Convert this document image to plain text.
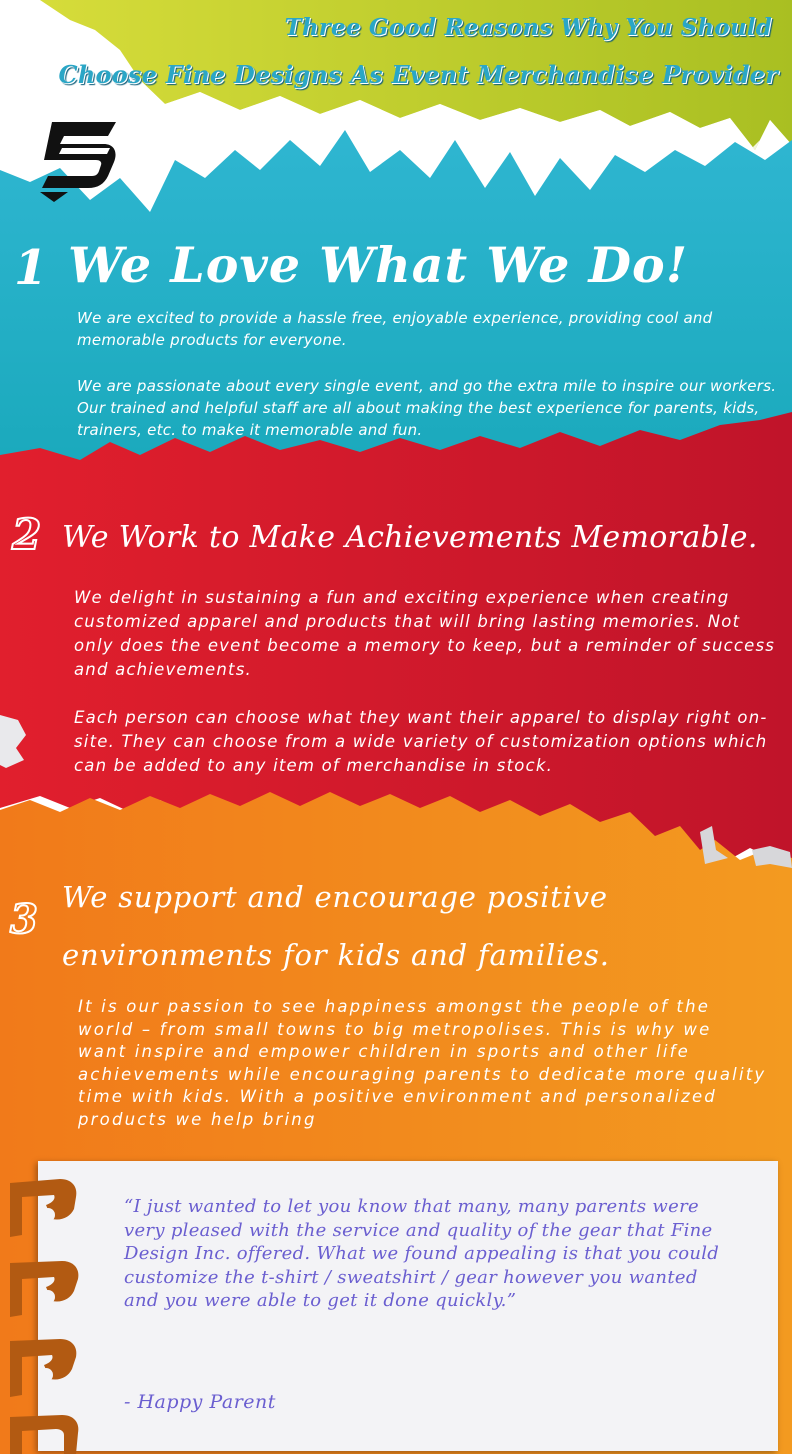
Three Good Reasons Why You Should
Choose Fine Designs As Event Merchandise Provider
1 We Love What We Do!

We are excited to provide a hassle free, enjoyable experience, providing cool and memorable products for everyone.

We are passionate about every single event, and go the extra mile to inspire our workers. Our trained and helpful staff are all about making the best experience for parents, kids, trainers, etc. to make it memorable and fun.

2 We Work to Make Achievements Memorable.

We delight in sustaining a fun and exciting experience when creating customized apparel and products that will bring lasting memories. Not only does the event become a memory to keep, but a reminder of success and achievements.

Each person can choose what they want their apparel to display right on-site. They can choose from a wide variety of customization options which can be added to any item of merchandise in stock.

3 We support and encourage positive
environments for kids and families.

It is our passion to see happiness amongst the people of the world – from small towns to big metropolises. This is why we want inspire and empower children in sports and other life achievements while encouraging parents to dedicate more quality time with kids. With a positive environment and personalized products we help bring

“I just wanted to let you know that many, many parents were very pleased with the service and quality of the gear that Fine Design Inc. offered. What we found appealing is that you could customize the t-shirt / sweatshirt / gear however you wanted and you were able to get it done quickly.”

- Happy Parent
